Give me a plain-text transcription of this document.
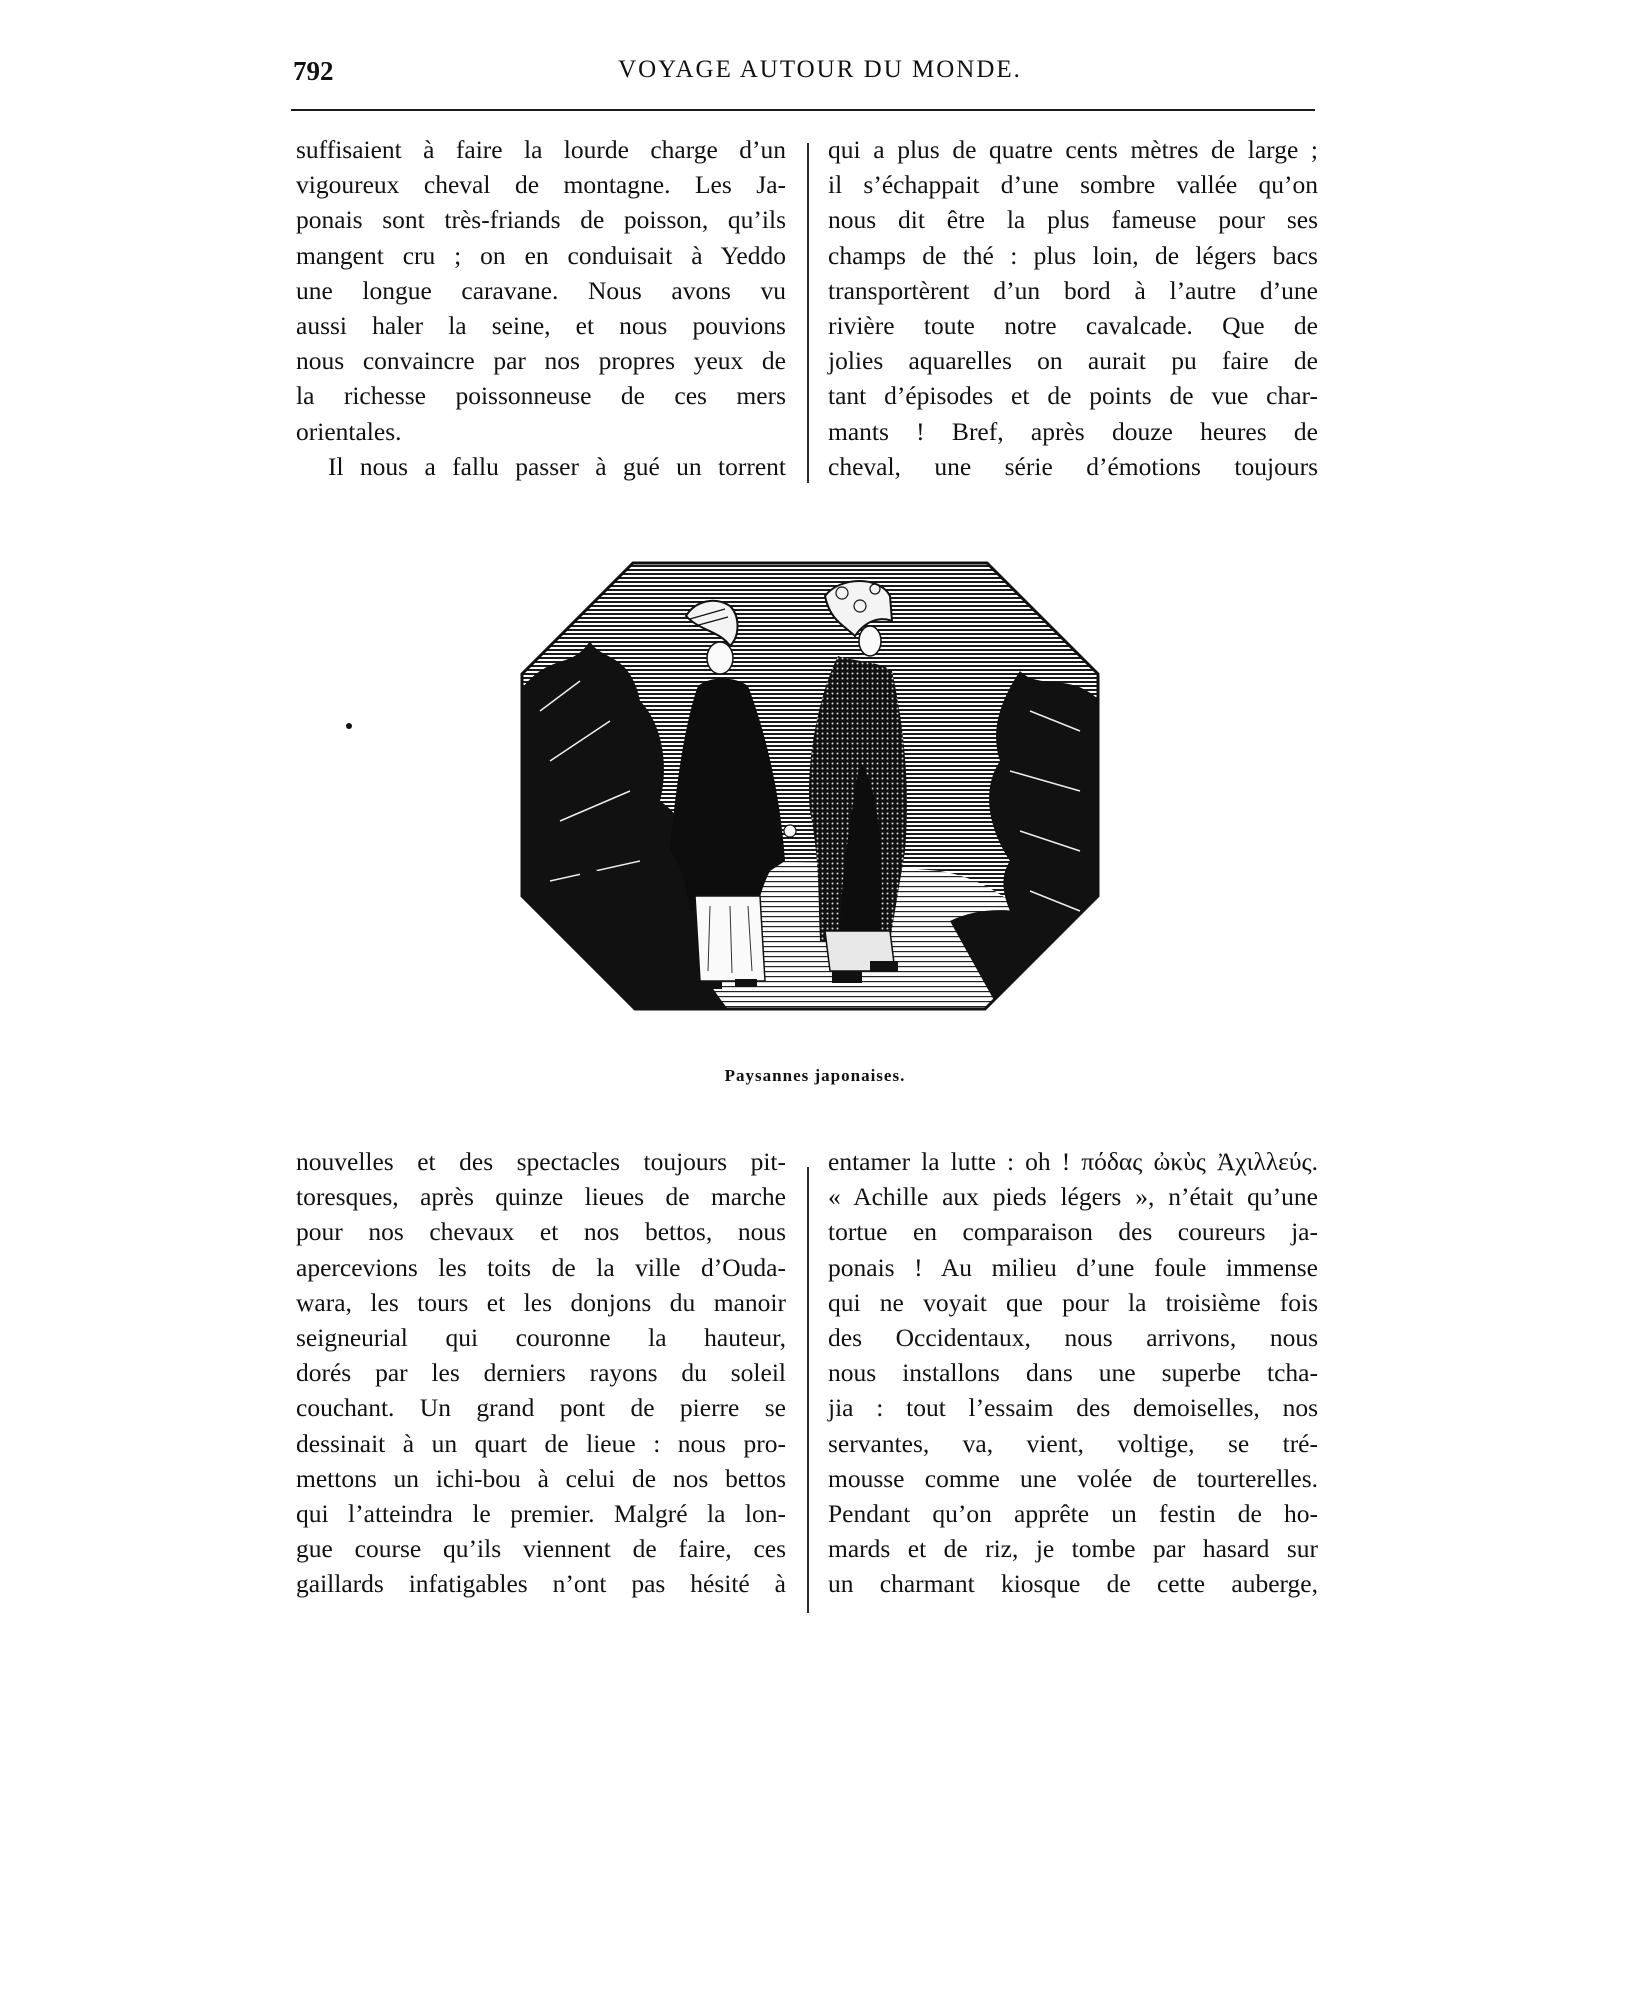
792	VOYAGE AUTOUR DU MONDE.
suffisaient à faire la lourde charge d’un
vigoureux cheval de montagne. Les Ja-
ponais sont très-friands de poisson, qu’ils
mangent cru ; on en conduisait à Yeddo
une longue caravane. Nous avons vu
aussi haler la seine, et nous pouvions
nous convaincre par nos propres yeux de
la richesse poissonneuse de ces mers
orientales.
Il nous a fallu passer à gué un torrent
qui a plus de quatre cents mètres de large ;
il s’échappait d’une sombre vallée qu’on
nous dit être la plus fameuse pour ses
champs de thé : plus loin, de légers bacs
transportèrent d’un bord à l’autre d’une
rivière toute notre cavalcade. Que de
jolies aquarelles on aurait pu faire de
tant d’épisodes et de points de vue char-
mants ! Bref, après douze heures de
cheval, une série d’émotions toujours
Paysannes japonaises.
nouvelles et des spectacles toujours pit-
toresques, après quinze lieues de marche
pour nos chevaux et nos bettos, nous
apercevions les toits de la ville d’Ouda-
wara, les tours et les donjons du manoir
seigneurial qui couronne la hauteur,
dorés par les derniers rayons du soleil
couchant. Un grand pont de pierre se
dessinait à un quart de lieue : nous pro-
mettons un ichi-bou à celui de nos bettos
qui l’atteindra le premier. Malgré la lon-
gue course qu’ils viennent de faire, ces
gaillards infatigables n’ont pas hésité à
entamer la lutte : oh ! πόδας ὠκὺς Ἀχιλλεύς.
« Achille aux pieds légers », n’était qu’une
tortue en comparaison des coureurs ja-
ponais ! Au milieu d’une foule immense
qui ne voyait que pour la troisième fois
des Occidentaux, nous arrivons, nous
nous installons dans une superbe tcha-
jia : tout l’essaim des demoiselles, nos
servantes, va, vient, voltige, se tré-
mousse comme une volée de tourterelles.
Pendant qu’on apprête un festin de ho-
mards et de riz, je tombe par hasard sur
un charmant kiosque de cette auberge,
